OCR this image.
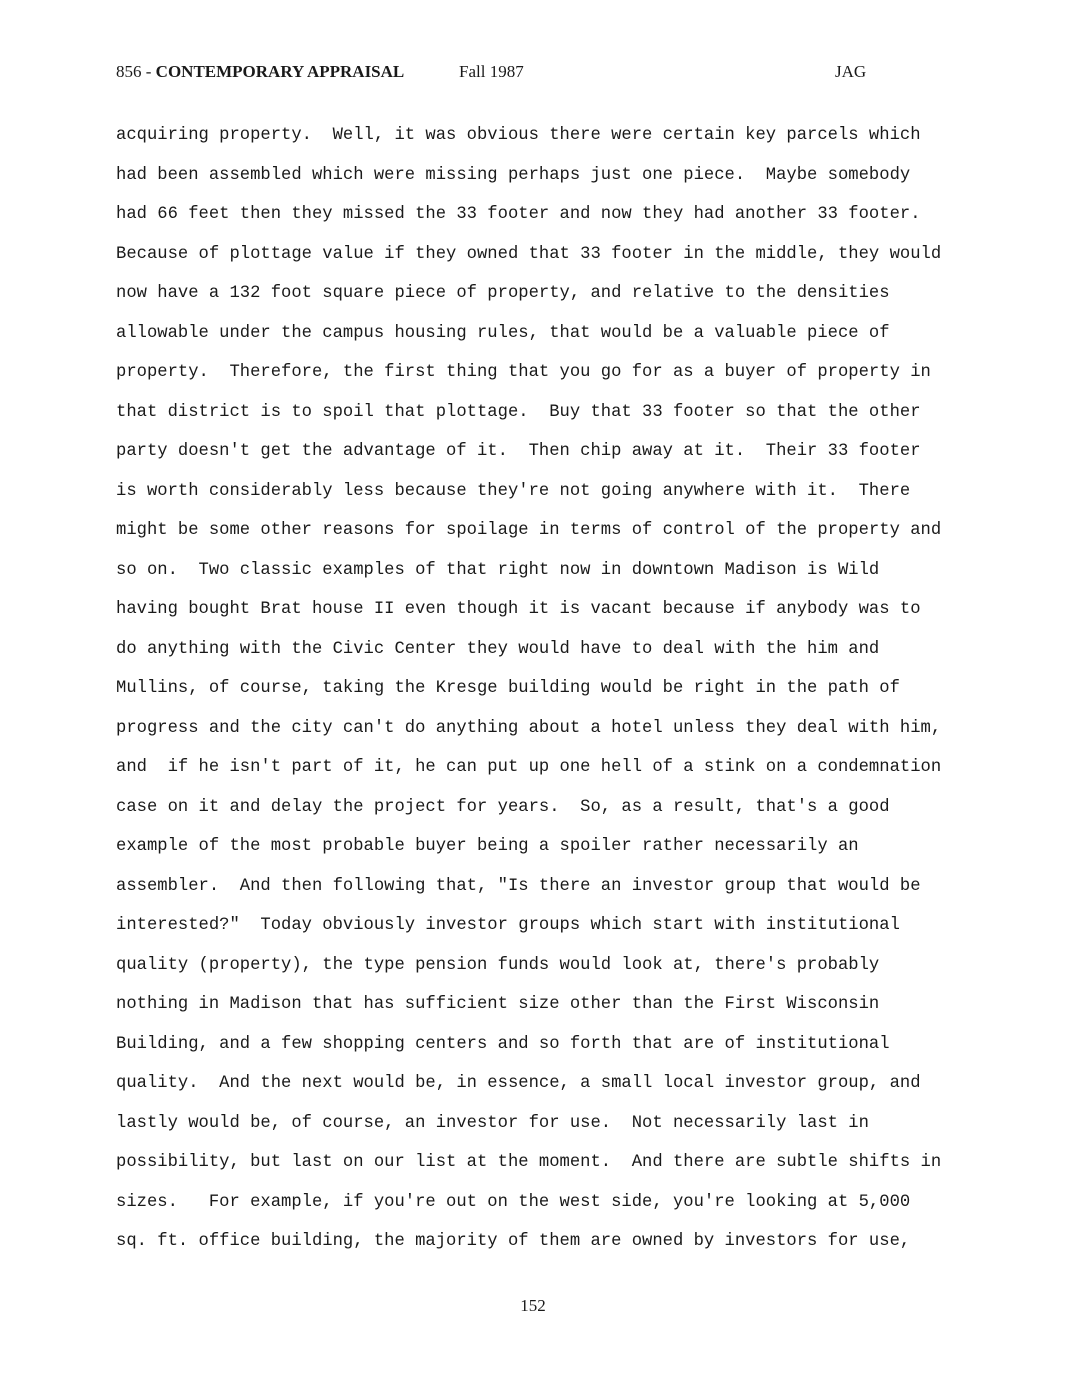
856 - CONTEMPORARY APPRAISAL	Fall 1987	JAG
acquiring property.  Well, it was obvious there were certain key parcels which
had been assembled which were missing perhaps just one piece.  Maybe somebody
had 66 feet then they missed the 33 footer and now they had another 33 footer.
Because of plottage value if they owned that 33 footer in the middle, they would
now have a 132 foot square piece of property, and relative to the densities
allowable under the campus housing rules, that would be a valuable piece of
property.  Therefore, the first thing that you go for as a buyer of property in
that district is to spoil that plottage.  Buy that 33 footer so that the other
party doesn't get the advantage of it.  Then chip away at it.  Their 33 footer
is worth considerably less because they're not going anywhere with it.  There
might be some other reasons for spoilage in terms of control of the property and
so on.  Two classic examples of that right now in downtown Madison is Wild
having bought Brat house II even though it is vacant because if anybody was to
do anything with the Civic Center they would have to deal with the him and
Mullins, of course, taking the Kresge building would be right in the path of
progress and the city can't do anything about a hotel unless they deal with him,
and  if he isn't part of it, he can put up one hell of a stink on a condemnation
case on it and delay the project for years.  So, as a result, that's a good
example of the most probable buyer being a spoiler rather necessarily an
assembler.  And then following that, "Is there an investor group that would be
interested?"  Today obviously investor groups which start with institutional
quality (property), the type pension funds would look at, there's probably
nothing in Madison that has sufficient size other than the First Wisconsin
Building, and a few shopping centers and so forth that are of institutional
quality.  And the next would be, in essence, a small local investor group, and
lastly would be, of course, an investor for use.  Not necessarily last in
possibility, but last on our list at the moment.  And there are subtle shifts in
sizes.   For example, if you're out on the west side, you're looking at 5,000
sq. ft. office building, the majority of them are owned by investors for use,
152
